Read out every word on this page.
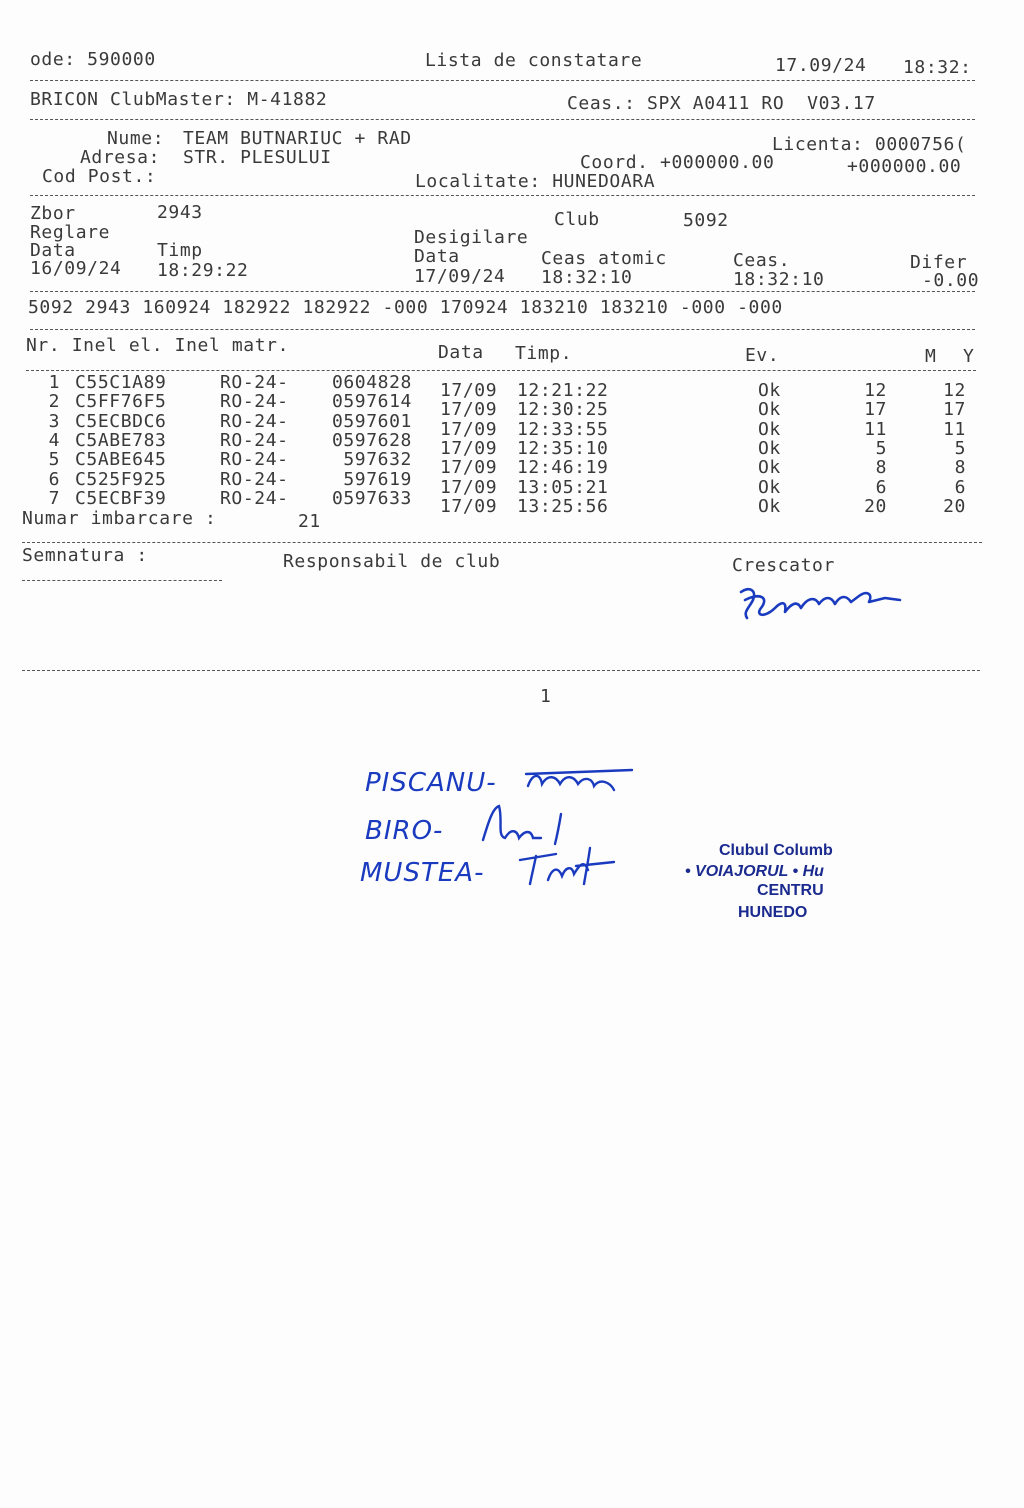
ode: 590000	Lista de constatare	17.09/24 18:32:
BRICON ClubMaster: M-41882	Ceas.: SPX A0411 RO  V03.17
Nume: TEAM BUTNARIUC + RAD
Adresa: STR. PLESULUI
Cod Post.:
Licenta: 0000756(
Coord. +000000.00	+000000.00
Localitate: HUNEDOARA
Zbor	2943	Club	5092
Reglare	Desigilare
Data	Timp
16/09/24 18:29:22
Data	Ceas atomic	Ceas.	Difer
17/09/24 18:32:10	18:32:10	-0.00
5092 2943 160924 182922 182922 -000 170924 183210 183210 -000 -000
Nr. Inel el. Inel matr.	Data Timp.	Ev.	M Y
1 C55C1A89	RO-24-	0604828 17/09 12:21:22	Ok	12	12
2 C5FF76F5	RO-24-	0597614 17/09 12:30:25	Ok	17	17
3 C5ECBDC6	RO-24-	0597601 17/09 12:33:55	Ok	11	11
4 C5ABE783	RO-24-	0597628 17/09 12:35:10	Ok	5	5
5 C5ABE645	RO-24-	597632 17/09 12:46:19	Ok	8	8
6 C525F925	RO-24-	597619 17/09 13:05:21	Ok	6	6
7 C5ECBF39	RO-24-	0597633 17/09 13:25:56	Ok	20	20
Numar imbarcare :	21
Semnatura :	Responsabil de club	Crescator
1
PISCANU-
BIRO-
MUSTEA-
Clubul Columb
• VOIAJORUL • Hu
CENTRU
HUNEDO
